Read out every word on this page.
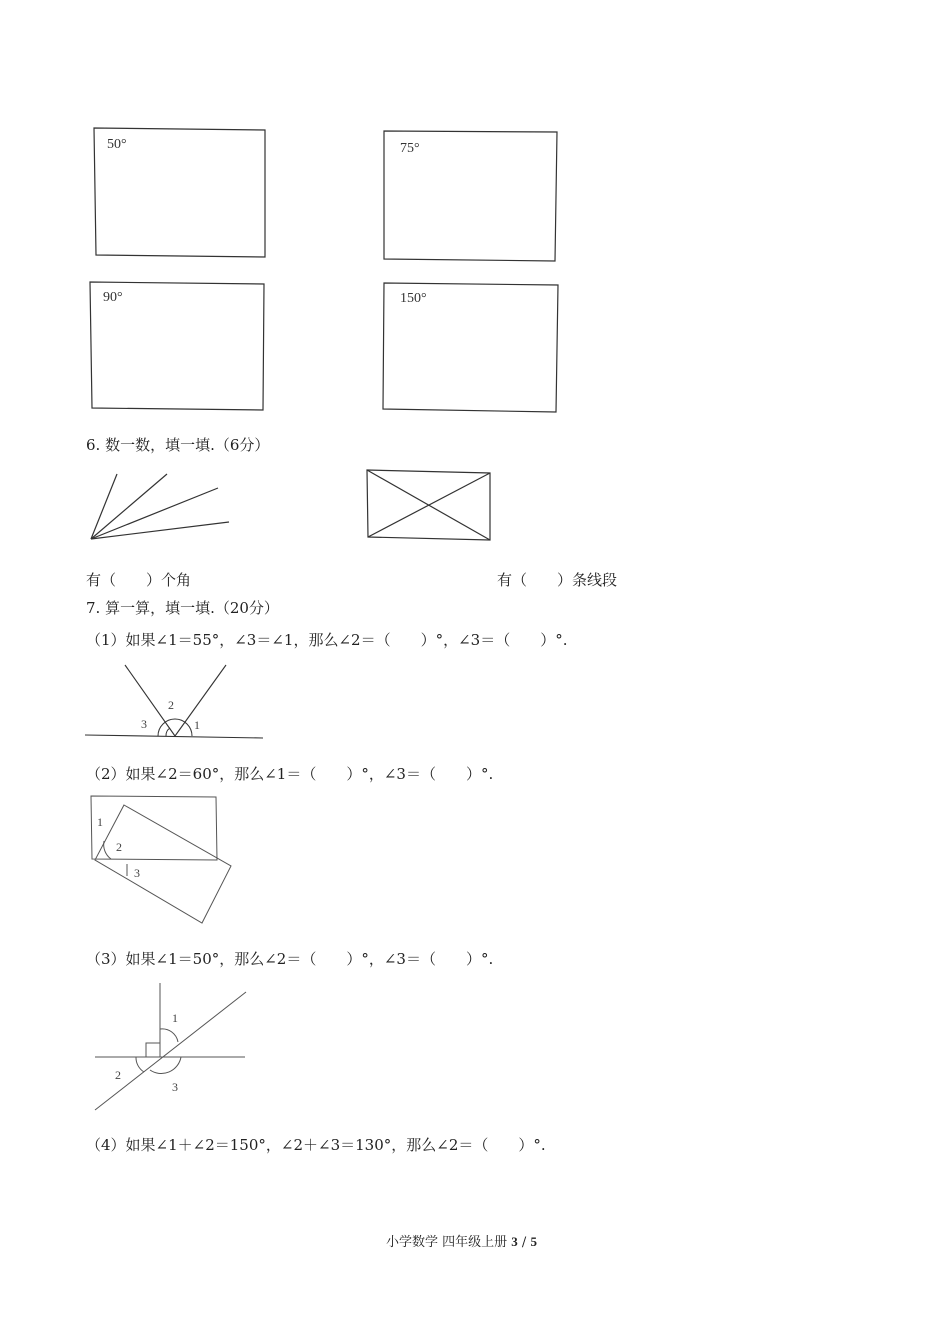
50°	75°
90°	150°
6. 数一数，填一填.（6分）
有（　　）个角	有（　　）条线段
7. 算一算，填一填.（20分）
（1）如果∠1＝55°，∠3＝∠1，那么∠2＝（　　）°，∠3＝（　　）°.
3
2
1
（2）如果∠2＝60°，那么∠1＝（　　）°，∠3＝（　　）°.
1
2
3
（3）如果∠1＝50°，那么∠2＝（　　）°，∠3＝（　　）°.
1
2
3
（4）如果∠1＋∠2＝150°，∠2＋∠3＝130°，那么∠2＝（　　）°.
小学数学 四年级上册 3 / 5
